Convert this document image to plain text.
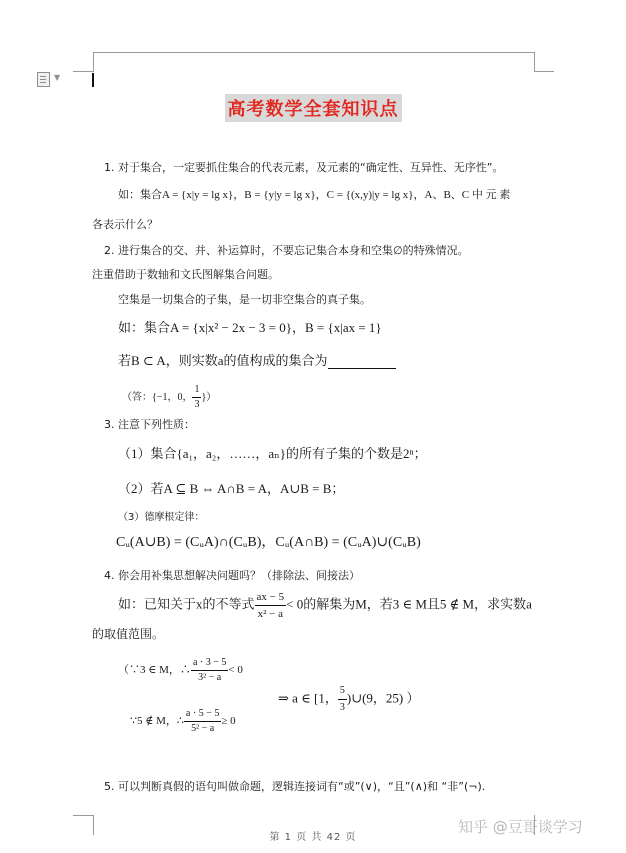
▼
高考数学全套知识点
1. 对于集合，一定要抓住集合的代表元素，及元素的“确定性、互异性、无序性”。
如：集合A = {x|y = lg x}，B = {y|y = lg x}，C = {(x,y)|y = lg x}，A、B、C 中 元 素
各表示什么？
2. 进行集合的交、并、补运算时，不要忘记集合本身和空集∅的特殊情况。
注重借助于数轴和文氏图解集合问题。
空集是一切集合的子集，是一切非空集合的真子集。
如：集合A = {x|x² − 2x − 3 = 0}，B = {x|ax = 1}
若B ⊂ A，则实数a的值构成的集合为
（答：{−1，0， $\frac{1}{3}$ }）
3. 注意下列性质：
（1）集合{a₁，a₂，……，aₙ}的所有子集的个数是2ⁿ；
（2）若A ⊆ B ⇔ A∩B = A，A∪B = B；
（3）德摩根定律：
Cᵤ(A∪B) = (CᵤA)∩(CᵤB)，Cᵤ(A∩B) = (CᵤA)∪(CᵤB)
4. 你会用补集思想解决问题吗？（排除法、间接法）
如：已知关于x的不等式 $\frac{ax - 5}{\text{x² − a}} < 0$的解集为M，若3 ∈ M且5 ∉ M，求实数a
的取值范围。
（∵3 ∈ M，∴ $\frac{a \cdot 3 - 5}{\text{3² − a}} < 0$
∵5 ∉ M，∴ $\frac{a \cdot 5 - 5}{\text{5² − a}} \ge 0$
⇒ a ∈ [1， $\frac{5}{3}$ )∪(9，25) ）
5. 可以判断真假的语句叫做命题，逻辑连接词有“或”(∨)，“且”(∧)和 “非”(¬).
第 1 页 共 42 页
知乎 @豆哥谈学习
